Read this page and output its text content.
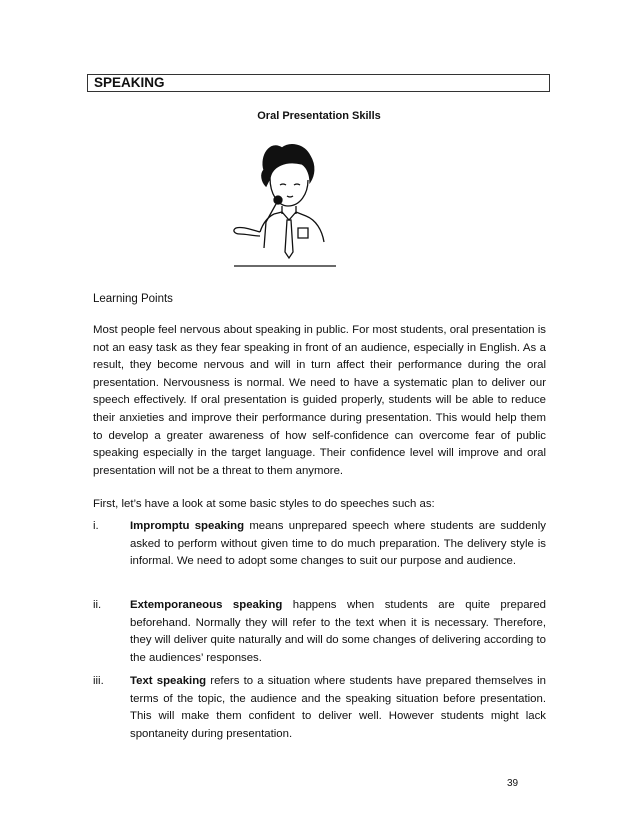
SPEAKING
Oral Presentation Skills
Learning Points

Most people feel nervous about speaking in public. For most students, oral presentation is not an easy task as they fear speaking in front of an audience, especially in English. As a result, they become nervous and will in turn affect their performance during the oral presentation. Nervousness is normal. We need to have a systematic plan to deliver our speech effectively. If oral presentation is guided properly, students will be able to reduce their anxieties and improve their performance during presentation. This would help them to develop a greater awareness of how self-confidence can overcome fear of public speaking especially in the target language. Their confidence level will improve and oral presentation will not be a threat to them anymore.

First, let’s have a look at some basic styles to do speeches such as:
i.	Impromptu speaking means unprepared speech where students are suddenly asked to perform without given time to do much preparation. The delivery style is informal. We need to adopt some changes to suit our purpose and audience.
ii.	Extemporaneous speaking happens when students are quite prepared beforehand. Normally they will refer to the text when it is necessary. Therefore, they will deliver quite naturally and will do some changes of delivering according to the audiences’ responses.
iii. Text speaking refers to a situation where students have prepared themselves in terms of the topic, the audience and the speaking situation before presentation. This will make them confident to deliver well. However students might lack spontaneity during presentation.
39
